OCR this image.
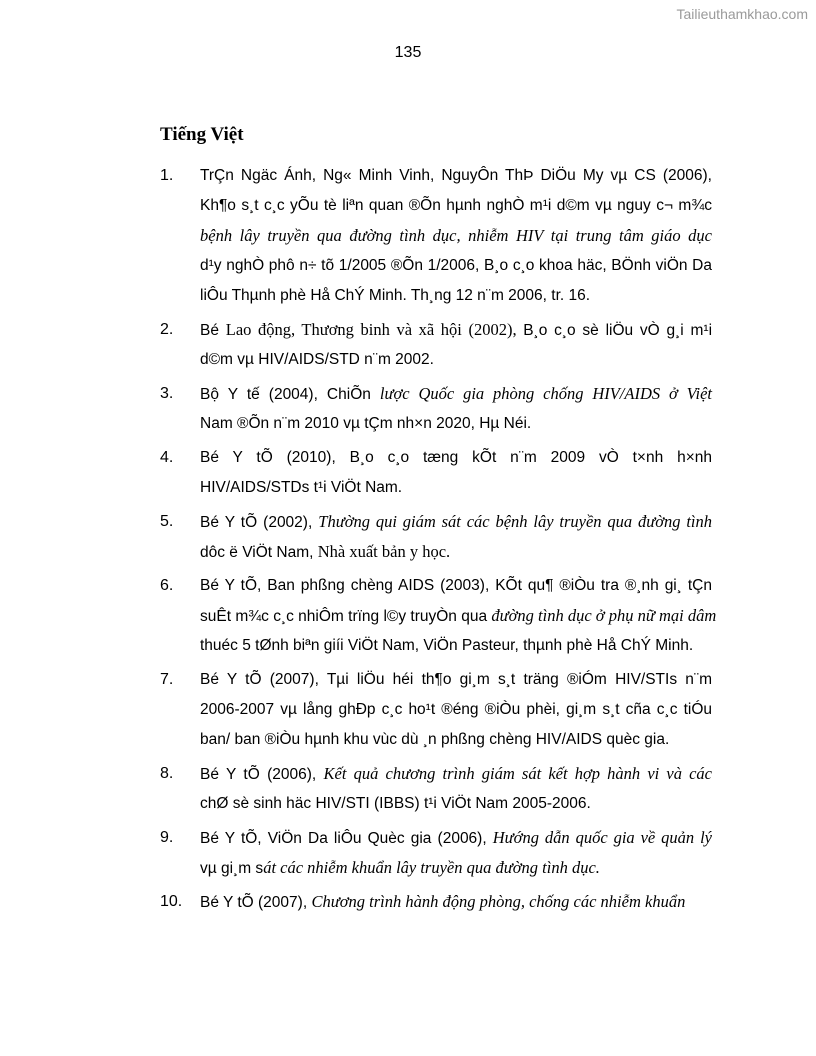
Tailieuthamkhao.com
135
Tiếng Việt
1. TrÇn Ngäc Ánh, Ng« Minh Vinh, NguyÔn ThÞ DiÖu My vµ CS (2006),
Kh¶o s¸t c¸c yÕu tè liªn quan ®Õn hµnh nghÒ m¹i d©m vµ nguy c¬ m¾c
bệnh lây truyền qua đường tình dục, nhiễm HIV tại trung tâm giáo dục
d¹y nghÒ phô n÷ tõ 1/2005 ®Õn 1/2006, B¸o c¸o khoa häc, BÖnh viÖn Da
liÔu Thµnh phè Hå ChÝ Minh. Th¸ng 12 n¨m 2006, tr. 16.
2. Bé Lao động, Thương binh và xã hội (2002), B¸o c¸o sè liÖu vÒ g¸i m¹i
d©m vµ HIV/AIDS/STD n¨m 2002.
3. Bộ Y tế (2004), ChiÕn lược Quốc gia phòng chống HIV/AIDS ở Việt
Nam ®Õn n¨m 2010 vµ tÇm nh×n 2020, Hµ Néi.
4. Bé Y tÕ (2010), B¸o c¸o tæng kÕt n¨m 2009 vÒ t×nh h×nh
HIV/AIDS/STDs t¹i ViÖt Nam.
5. Bé Y tÕ (2002), Thường qui giám sát các bệnh lây truyền qua đường tình
dôc ë ViÖt Nam, Nhà xuất bản y học.
6. Bé Y tÕ, Ban phßng chèng AIDS (2003), KÕt qu¶ ®iÒu tra ®¸nh gi¸ tÇn
suÊt m¾c c¸c nhiÔm trïng l©y truyÒn qua đường tình dục ở phụ nữ mại dâm
thuéc 5 tØnh biªn giíi ViÖt Nam, ViÖn Pasteur, thµnh phè Hå ChÝ Minh.
7. Bé Y tÕ (2007), Tµi liÖu héi th¶o gi¸m s¸t träng ®iÓm HIV/STIs n¨m
2006-2007 vµ lång ghÐp c¸c ho¹t ®éng ®iÒu phèi, gi¸m s¸t cña c¸c tiÓu
ban/ ban ®iÒu hµnh khu vùc dù ¸n phßng chèng HIV/AIDS quèc gia.
8. Bé Y tÕ (2006), Kết quả chương trình giám sát kết hợp hành vi và các
chØ sè sinh häc HIV/STI (IBBS) t¹i ViÖt Nam 2005-2006.
9. Bé Y tÕ, ViÖn Da liÔu Quèc gia (2006), Hướng dẫn quốc gia về quản lý
vµ gi¸m sát các nhiễm khuẩn lây truyền qua đường tình dục.
10. Bé Y tÕ (2007), Chương trình hành động phòng, chống các nhiễm khuẩn
